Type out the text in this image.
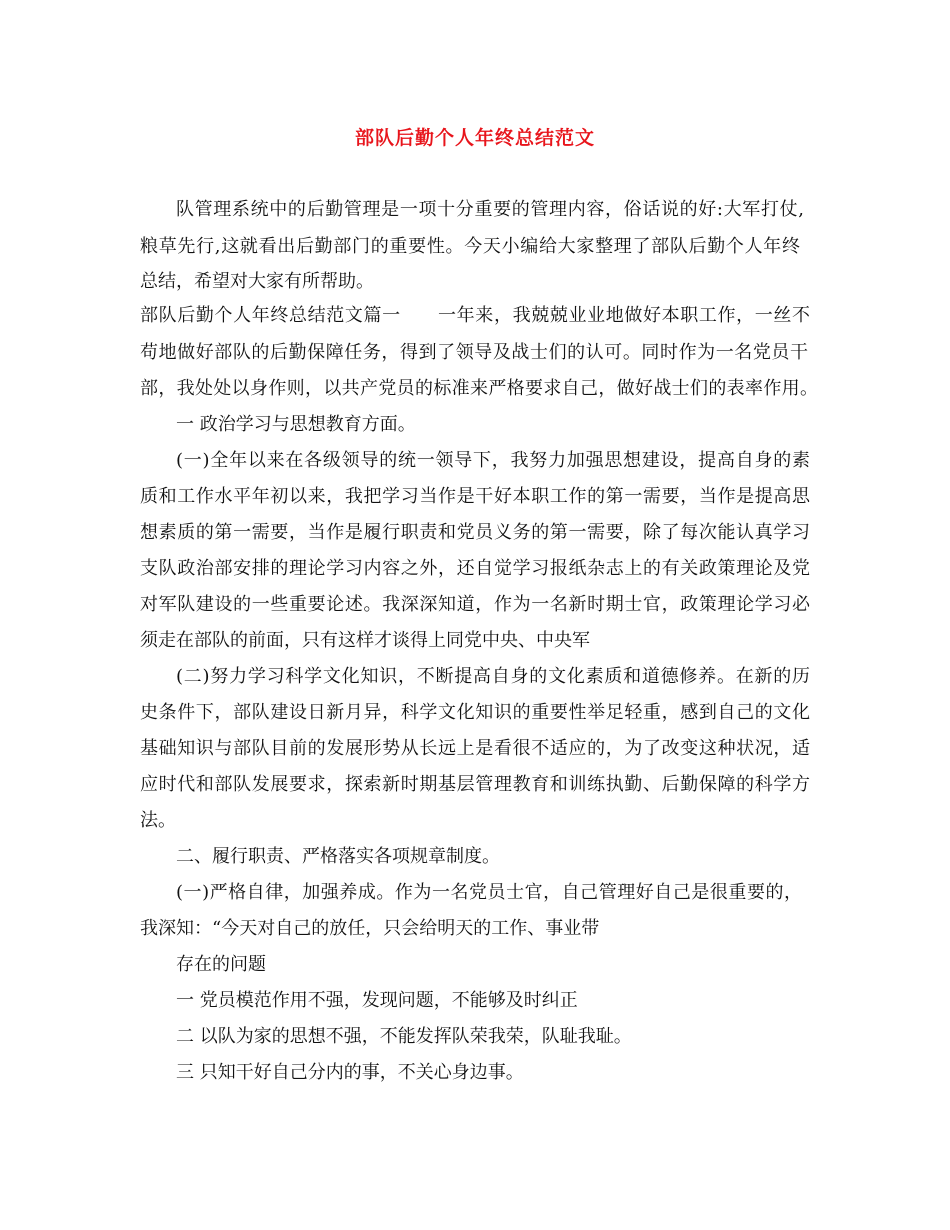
部队后勤个人年终总结范文
队管理系统中的后勤管理是一项十分重要的管理内容，俗话说的好:大军打仗,
粮草先行,这就看出后勤部门的重要性。今天小编给大家整理了部队后勤个人年终
总结，希望对大家有所帮助。
部队后勤个人年终总结范文篇一　　一年来，我兢兢业业地做好本职工作，一丝不
苟地做好部队的后勤保障任务，得到了领导及战士们的认可。同时作为一名党员干
部，我处处以身作则，以共产党员的标准来严格要求自己，做好战士们的表率作用。
一 政治学习与思想教育方面。
(一)全年以来在各级领导的统一领导下，我努力加强思想建设，提高自身的素
质和工作水平年初以来，我把学习当作是干好本职工作的第一需要，当作是提高思
想素质的第一需要，当作是履行职责和党员义务的第一需要，除了每次能认真学习
支队政治部安排的理论学习内容之外，还自觉学习报纸杂志上的有关政策理论及党
对军队建设的一些重要论述。我深深知道，作为一名新时期士官，政策理论学习必
须走在部队的前面，只有这样才谈得上同党中央、中央军
(二)努力学习科学文化知识，不断提高自身的文化素质和道德修养。在新的历
史条件下，部队建设日新月异，科学文化知识的重要性举足轻重，感到自己的文化
基础知识与部队目前的发展形势从长远上是看很不适应的，为了改变这种状况，适
应时代和部队发展要求，探索新时期基层管理教育和训练执勤、后勤保障的科学方
法。
二、履行职责、严格落实各项规章制度。
(一)严格自律，加强养成。作为一名党员士官，自己管理好自己是很重要的，
我深知：“今天对自己的放任，只会给明天的工作、事业带
存在的问题
一 党员模范作用不强，发现问题，不能够及时纠正
二 以队为家的思想不强，不能发挥队荣我荣，队耻我耻。
三 只知干好自己分内的事，不关心身边事。
